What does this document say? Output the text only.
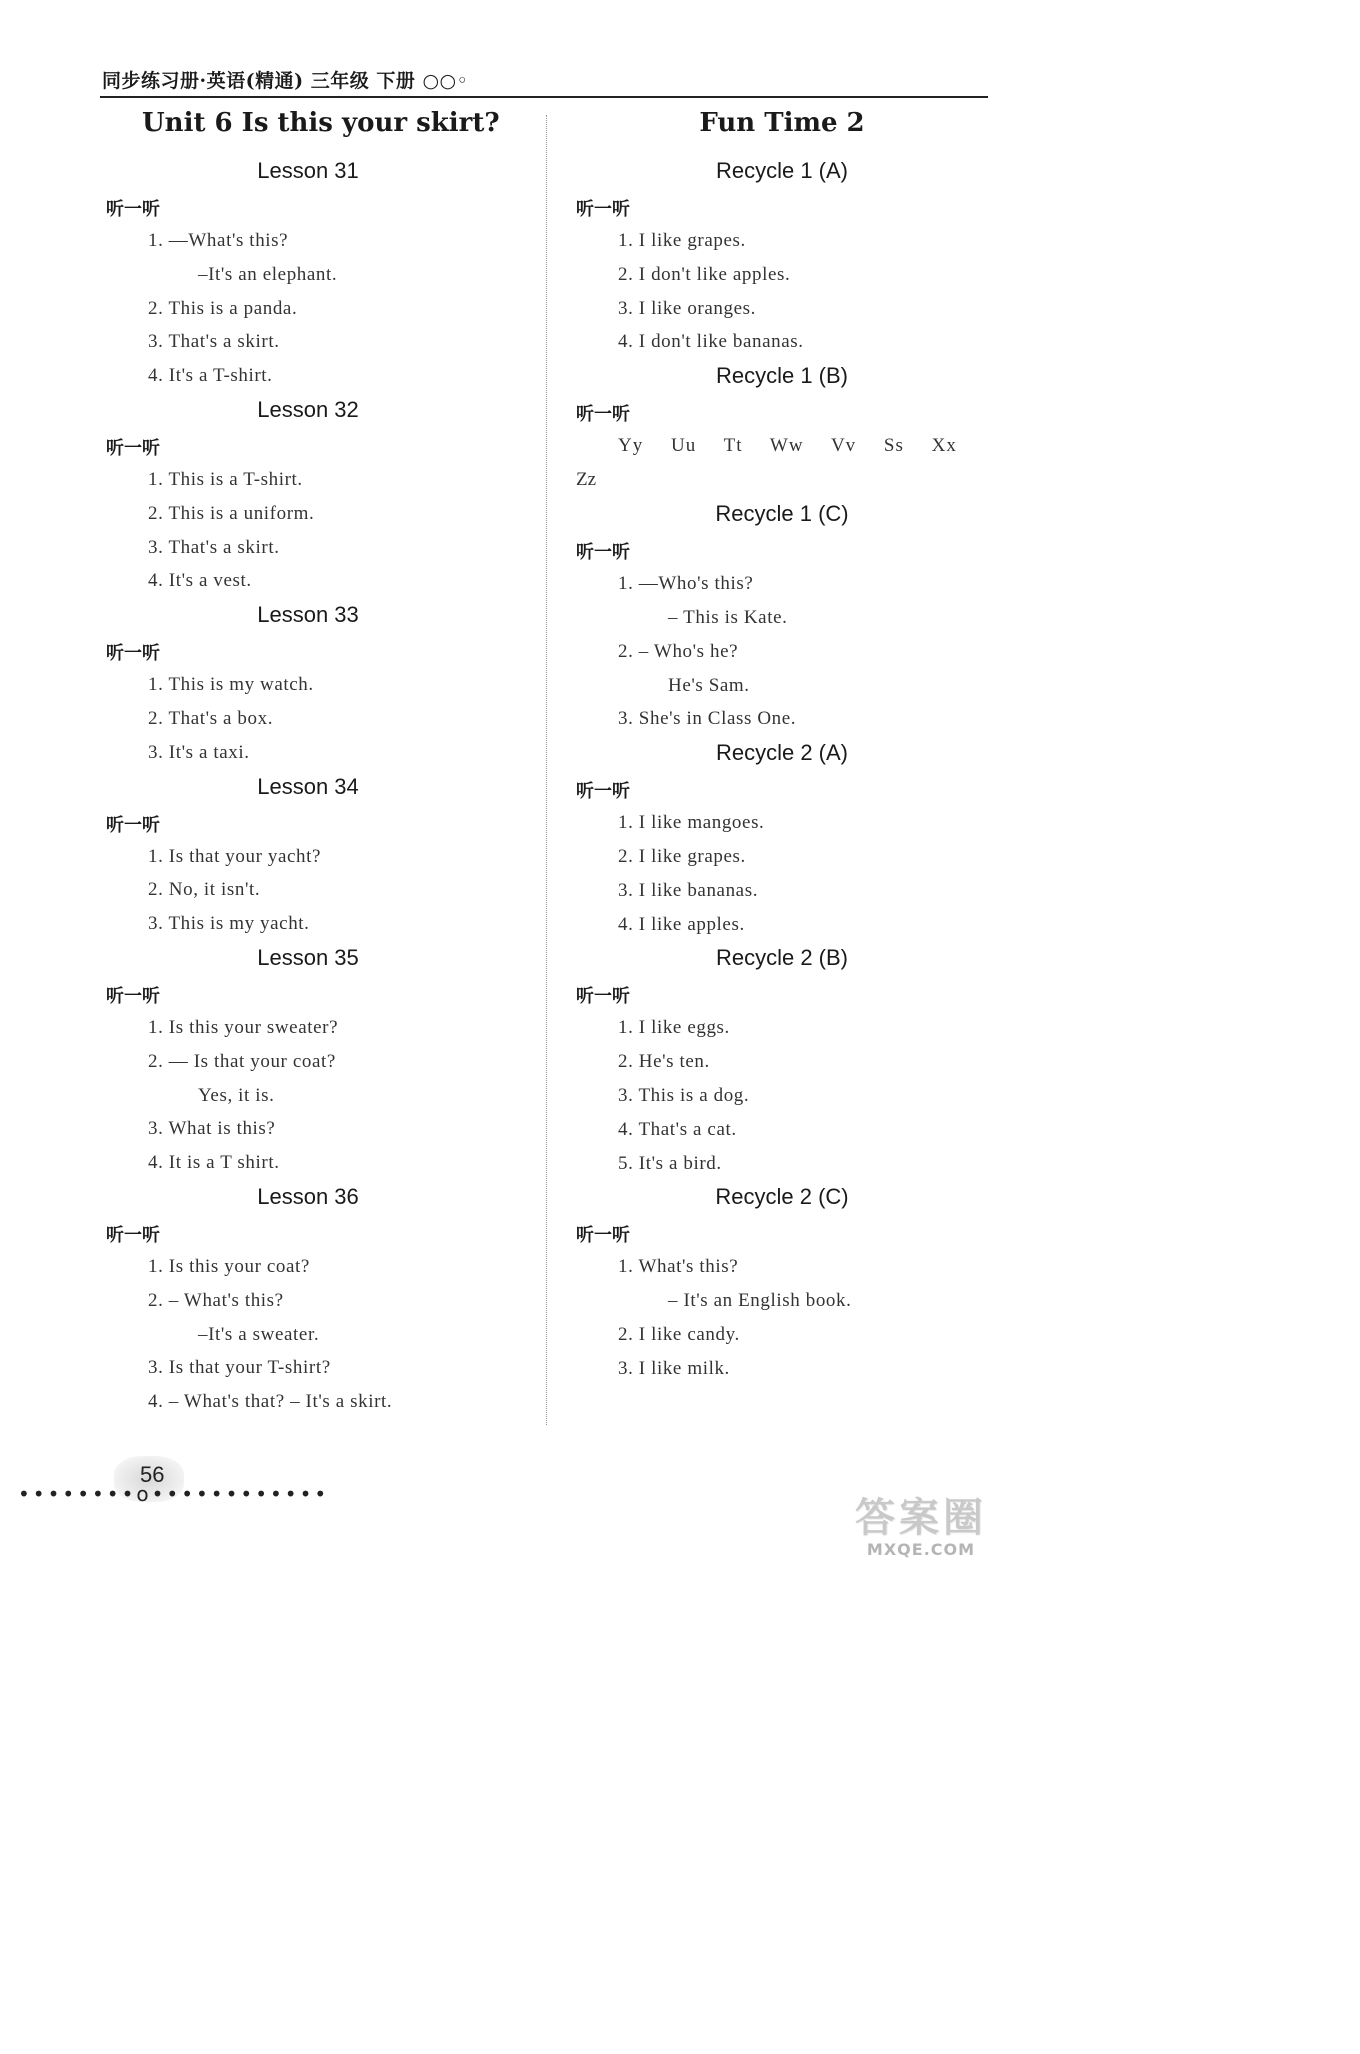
同步练习册·英语(精通) 三年级 下册 ○○◦
Unit 6 Is this your skirt?
Lesson 31
听一听
1. —What's this?
–It's an elephant.
2. This is a panda.
3. That's a skirt.
4. It's a T-shirt.
Lesson 32
听一听
1. This is a T-shirt.
2. This is a uniform.
3. That's a skirt.
4. It's a vest.
Lesson 33
听一听
1. This is my watch.
2. That's a box.
3. It's a taxi.
Lesson 34
听一听
1. Is that your yacht?
2. No, it isn't.
3. This is my yacht.
Lesson 35
听一听
1. Is this your sweater?
2. — Is that your coat?
Yes, it is.
3. What is this?
4. It is a T shirt.
Lesson 36
听一听
1. Is this your coat?
2. – What's this?
–It's a sweater.
3. Is that your T-shirt?
4. – What's that? – It's a skirt.
Fun Time 2
Recycle 1 (A)
听一听
1. I like grapes.
2. I don't like apples.
3. I like oranges.
4. I don't like bananas.
Recycle 1 (B)
听一听
Yy Uu Tt Ww Vv Ss Xx
Zz
Recycle 1 (C)
听一听
1. —Who's this?
– This is Kate.
2. – Who's he?
He's Sam.
3. She's in Class One.
Recycle 2 (A)
听一听
1. I like mangoes.
2. I like grapes.
3. I like bananas.
4. I like apples.
Recycle 2 (B)
听一听
1. I like eggs.
2. He's ten.
3. This is a dog.
4. That's a cat.
5. It's a bird.
Recycle 2 (C)
听一听
1. What's this?
– It's an English book.
2. I like candy.
3. I like milk.
56
••••••••o••••••••••••
答案圈
MXQE.COM
